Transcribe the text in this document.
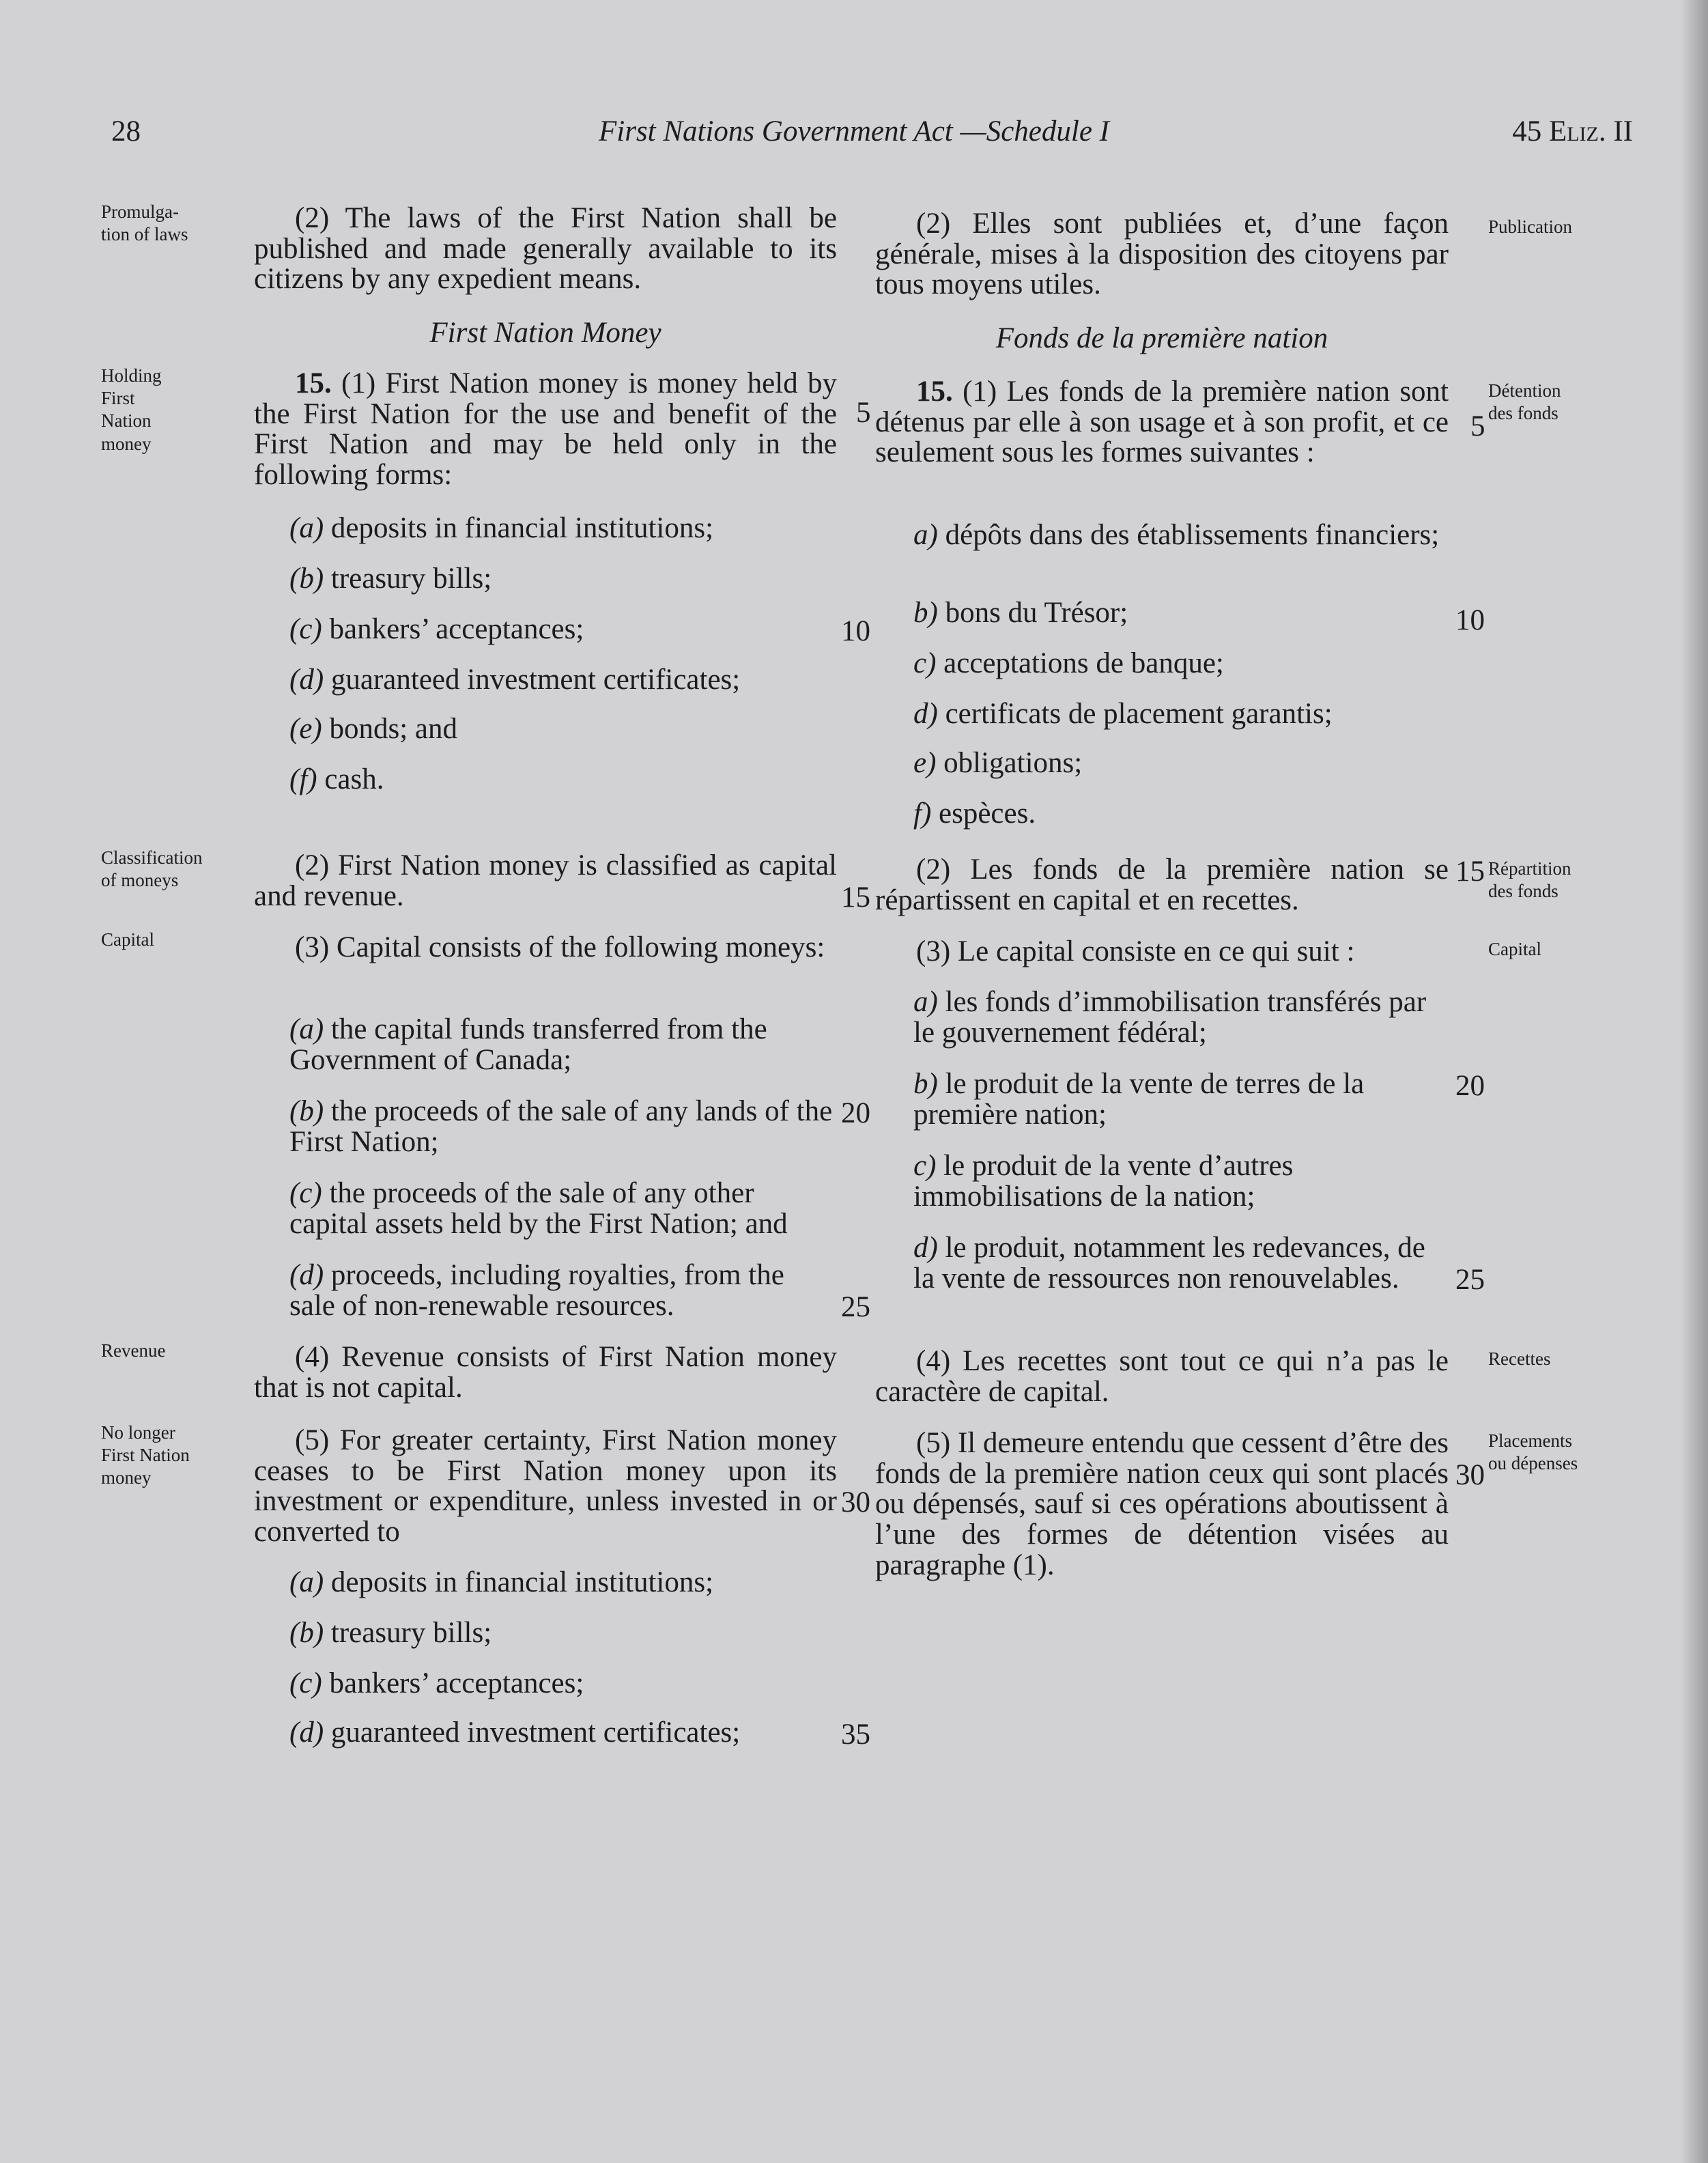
28	First Nations Government Act —Schedule I	45 Eliz. II
Promulga-
tion of laws
Holding
First
Nation
money
Classification
of moneys
Capital
Revenue
No longer
First Nation
money
Publication
Détention
des fonds
Répartition
des fonds
Capital
Recettes
Placements
ou dépenses
(2) The laws of the First Nation shall be published and made generally available to its citizens by any expedient means.
First Nation Money
15. (1) First Nation money is money held by the First Nation for the use and benefit of the First Nation and may be held only in the following forms:
(a) deposits in financial institutions;
(b) treasury bills;
(c) bankers’ acceptances;
(d) guaranteed investment certificates;
(e) bonds; and
(f) cash.
(2) First Nation money is classified as capital and revenue.
(3) Capital consists of the following moneys:
(a) the capital funds transferred from the Government of Canada;
(b) the proceeds of the sale of any lands of the First Nation;
(c) the proceeds of the sale of any other capital assets held by the First Nation; and
(d) proceeds, including royalties, from the sale of non-renewable resources.
(4) Revenue consists of First Nation money that is not capital.
(5) For greater certainty, First Nation money ceases to be First Nation money upon its investment or expenditure, unless invested in or converted to
(a) deposits in financial institutions;
(b) treasury bills;
(c) bankers’ acceptances;
(d) guaranteed investment certificates;
(2) Elles sont publiées et, d’une façon générale, mises à la disposition des citoyens par tous moyens utiles.
Fonds de la première nation
15. (1) Les fonds de la première nation sont détenus par elle à son usage et à son profit, et ce seulement sous les formes suivantes :
a) dépôts dans des établissements financiers;
b) bons du Trésor;
c) acceptations de banque;
d) certificats de placement garantis;
e) obligations;
f) espèces.
(2) Les fonds de la première nation se répartissent en capital et en recettes.
(3) Le capital consiste en ce qui suit :
a) les fonds d’immobilisation transférés par le gouvernement fédéral;
b) le produit de la vente de terres de la première nation;
c) le produit de la vente d’autres immobilisations de la nation;
d) le produit, notamment les redevances, de la vente de ressources non renouvelables.
(4) Les recettes sont tout ce qui n’a pas le caractère de capital.
(5) Il demeure entendu que cessent d’être des fonds de la première nation ceux qui sont placés ou dépensés, sauf si ces opérations aboutissent à l’une des formes de détention visées au paragraphe (1).
5
10
15
20
25
30
35
5
10
15
20
25
30
